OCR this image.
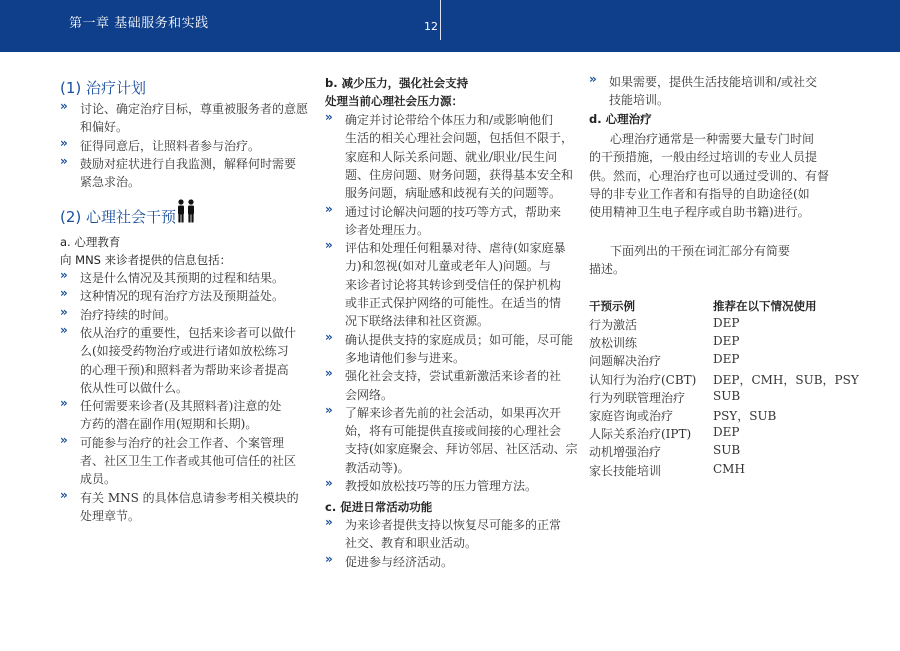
第一章 基础服务和实践	12
(1) 治疗计划
» 讨论、确定治疗目标，尊重被服务者的意愿
和偏好。
» 征得同意后，让照料者参与治疗。
» 鼓励对症状进行自我监测，解释何时需要
紧急求治。
(2) 心理社会干预
a. 心理教育
向 MNS 来诊者提供的信息包括：
» 这是什么情况及其预期的过程和结果。
» 这种情况的现有治疗方法及预期益处。
» 治疗持续的时间。
» 依从治疗的重要性，包括来诊者可以做什
么(如接受药物治疗或进行诸如放松练习
的心理干预)和照料者为帮助来诊者提高
依从性可以做什么。
» 任何需要来诊者(及其照料者)注意的处
方药的潜在副作用(短期和长期)。
» 可能参与治疗的社会工作者、个案管理
者、社区卫生工作者或其他可信任的社区
成员。
» 有关 MNS 的具体信息请参考相关模块的
处理章节。
b. 减少压力，强化社会支持
处理当前心理社会压力源：
» 确定并讨论带给个体压力和/或影响他们
生活的相关心理社会问题，包括但不限于，
家庭和人际关系问题、就业/职业/民生问
题、住房问题、财务问题，获得基本安全和
服务问题，病耻感和歧视有关的问题等。
» 通过讨论解决问题的技巧等方式，帮助来
诊者处理压力。
» 评估和处理任何粗暴对待、虐待(如家庭暴
力)和忽视(如对儿童或老年人)问题。与
来诊者讨论将其转诊到受信任的保护机构
或非正式保护网络的可能性。在适当的情
况下联络法律和社区资源。
» 确认提供支持的家庭成员；如可能，尽可能
多地请他们参与进来。
» 强化社会支持，尝试重新激活来诊者的社
会网络。
» 了解来诊者先前的社会活动，如果再次开
始，将有可能提供直接或间接的心理社会
支持(如家庭聚会、拜访邻居、社区活动、宗
教活动等)。
» 教授如放松技巧等的压力管理方法。
c. 促进日常活动功能
» 为来诊者提供支持以恢复尽可能多的正常
社交、教育和职业活动。
» 促进参与经济活动。
» 如果需要，提供生活技能培训和/或社交
技能培训。
d. 心理治疗
心理治疗通常是一种需要大量专门时间
的干预措施，一般由经过培训的专业人员提
供。然而，心理治疗也可以通过受训的、有督
导的非专业工作者和有指导的自助途径(如
使用精神卫生电子程序或自助书籍)进行。
下面列出的干预在词汇部分有简要
描述。
干预示例	推荐在以下情况使用
行为激活	DEP
放松训练	DEP
问题解决治疗	DEP
认知行为治疗(CBT) DEP，CMH，SUB，PSY
行为列联管理治疗 SUB
家庭咨询或治疗	PSY，SUB
人际关系治疗(IPT) DEP
动机增强治疗	SUB
家长技能培训	CMH
